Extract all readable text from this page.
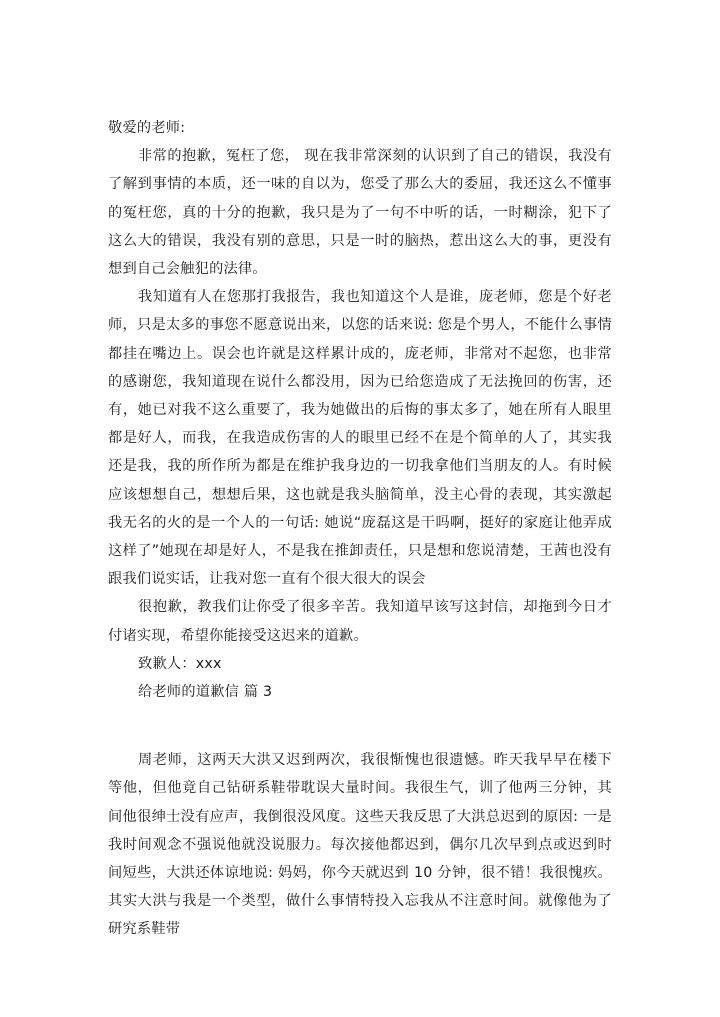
敬爱的老师:

非常的抱歉，冤枉了您， 现在我非常深刻的认识到了自己的错误，我没有了解到事情的本质，还一味的自以为，您受了那么大的委屈，我还这么不懂事的冤枉您，真的十分的抱歉，我只是为了一句不中听的话，一时糊涂，犯下了这么大的错误，我没有别的意思，只是一时的脑热，惹出这么大的事，更没有想到自己会触犯的法律。

我知道有人在您那打我报告，我也知道这个人是谁，庞老师，您是个好老师，只是太多的事您不愿意说出来，以您的话来说: 您是个男人，不能什么事情都挂在嘴边上。误会也许就是这样累计成的，庞老师，非常对不起您，也非常的感谢您，我知道现在说什么都没用，因为已给您造成了无法挽回的伤害，还有，她已对我不这么重要了，我为她做出的后悔的事太多了，她在所有人眼里都是好人，而我，在我造成伤害的人的眼里已经不在是个简单的人了，其实我还是我，我的所作所为都是在维护我身边的一切我拿他们当朋友的人。有时候应该想想自己，想想后果，这也就是我头脑简单，没主心骨的表现，其实激起我无名的火的是一个人的一句话: 她说“庞磊这是干吗啊，挺好的家庭让他弄成这样了”她现在却是好人，不是我在推卸责任，只是想和您说清楚，王茜也没有跟我们说实话，让我对您一直有个很大很大的误会

很抱歉，教我们让你受了很多辛苦。我知道早该写这封信，却拖到今日才付诸实现，希望你能接受这迟来的道歉。

致歉人：xxx

给老师的道歉信 篇 3

周老师，这两天大洪又迟到两次，我很惭愧也很遗憾。昨天我早早在楼下等他，但他竟自己钻研系鞋带耽误大量时间。我很生气，训了他两三分钟，其间他很绅士没有应声，我倒很没风度。这些天我反思了大洪总迟到的原因: 一是我时间观念不强说他就没说服力。每次接他都迟到，偶尔几次早到点或迟到时间短些，大洪还体谅地说: 妈妈，你今天就迟到 10 分钟，很不错！我很愧疚。其实大洪与我是一个类型，做什么事情特投入忘我从不注意时间。就像他为了研究系鞋带
